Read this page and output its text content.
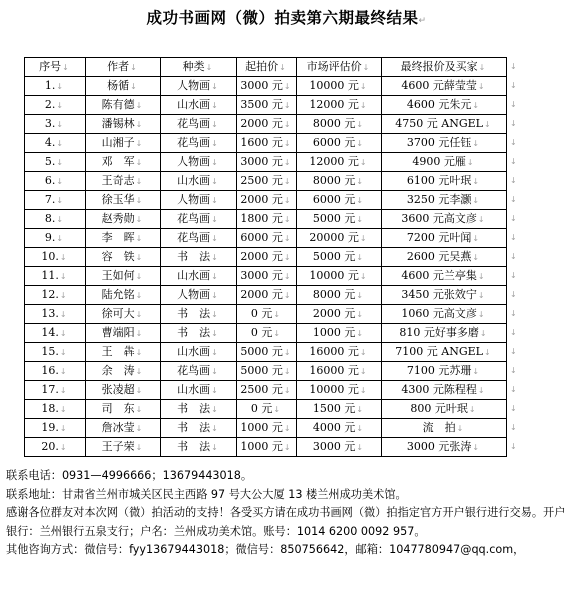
成功书画网（微）拍卖第六期最终结果↵
序号↓	作者↓	种类↓	起拍价↓	市场评估价↓	最终报价及买家↓
1.↓	杨循↓	人物画↓	3000 元↓	10000 元↓	4600 元薛莹莹↓
2.↓	陈有德↓	山水画↓	3500 元↓	12000 元↓	4600 元朱元↓
3.↓	潘锡林↓	花鸟画↓	2000 元↓	8000 元↓	4750 元 ANGEL↓
4.↓	山湘子↓	花鸟画↓	1600 元↓	6000 元↓	3700 元任钰↓
5.↓	邓　军↓	人物画↓	3000 元↓	12000 元↓	4900 元雁↓
6.↓	王奇志↓	山水画↓	2500 元↓	8000 元↓	6100 元叶珉↓
7.↓	徐玉华↓	人物画↓	2000 元↓	6000 元↓	3250 元李灏↓
8.↓	赵秀勋↓	花鸟画↓	1800 元↓	5000 元↓	3600 元高文彦↓
9.↓	李　晖↓	花鸟画↓	6000 元↓	20000 元↓	7200 元叶闻↓
10.↓	容　铁↓	书　法↓	2000 元↓	5000 元↓	2600 元吴燕↓
11.↓	王如何↓	山水画↓	3000 元↓	10000 元↓	4600 元兰亭集↓
12.↓	陆允铭↓	人物画↓	2000 元↓	8000 元↓	3450 元张效宁↓
13.↓	徐可大↓	书　法↓	0 元↓	2000 元↓	1060 元高文彦↓
14.↓	曹端阳↓	书　法↓	0 元↓	1000 元↓	810 元好事多磨↓
15.↓	王　犇↓	山水画↓	5000 元↓	16000 元↓	7100 元 ANGEL↓
16.↓	余　涛↓	花鸟画↓	5000 元↓	16000 元↓	7100 元苏珊↓
17.↓	张凌超↓	山水画↓	2500 元↓	10000 元↓	4300 元陈程程↓
18.↓	司　东↓	书　法↓	0 元↓	1500 元↓	800 元叶珉↓
19.↓	詹冰莹↓	书　法↓	1000 元↓	4000 元↓	流　拍↓
20.↓	王子荣↓	书　法↓	1000 元↓	3000 元↓	3000 元张涛↓
↓
↓
↓
↓
↓
↓
↓
↓
↓
↓
↓
↓
↓
↓
↓
↓
↓
↓
↓
↓
↓

联系电话：0931—4996666；13679443018。

联系地址：甘肃省兰州市城关区民主西路 97 号大公大厦 13 楼兰州成功美术馆。

感谢各位群友对本次网（微）拍活动的支持！各受买方请在成功书画网（微）拍指定官方开户银行进行交易。开户银行：兰州银行五泉支行；户名：兰州成功美术馆。账号：1014 6200 0092 957。

其他咨询方式：微信号：fyy13679443018；微信号：850756642，邮箱：1047780947@qq.com，
